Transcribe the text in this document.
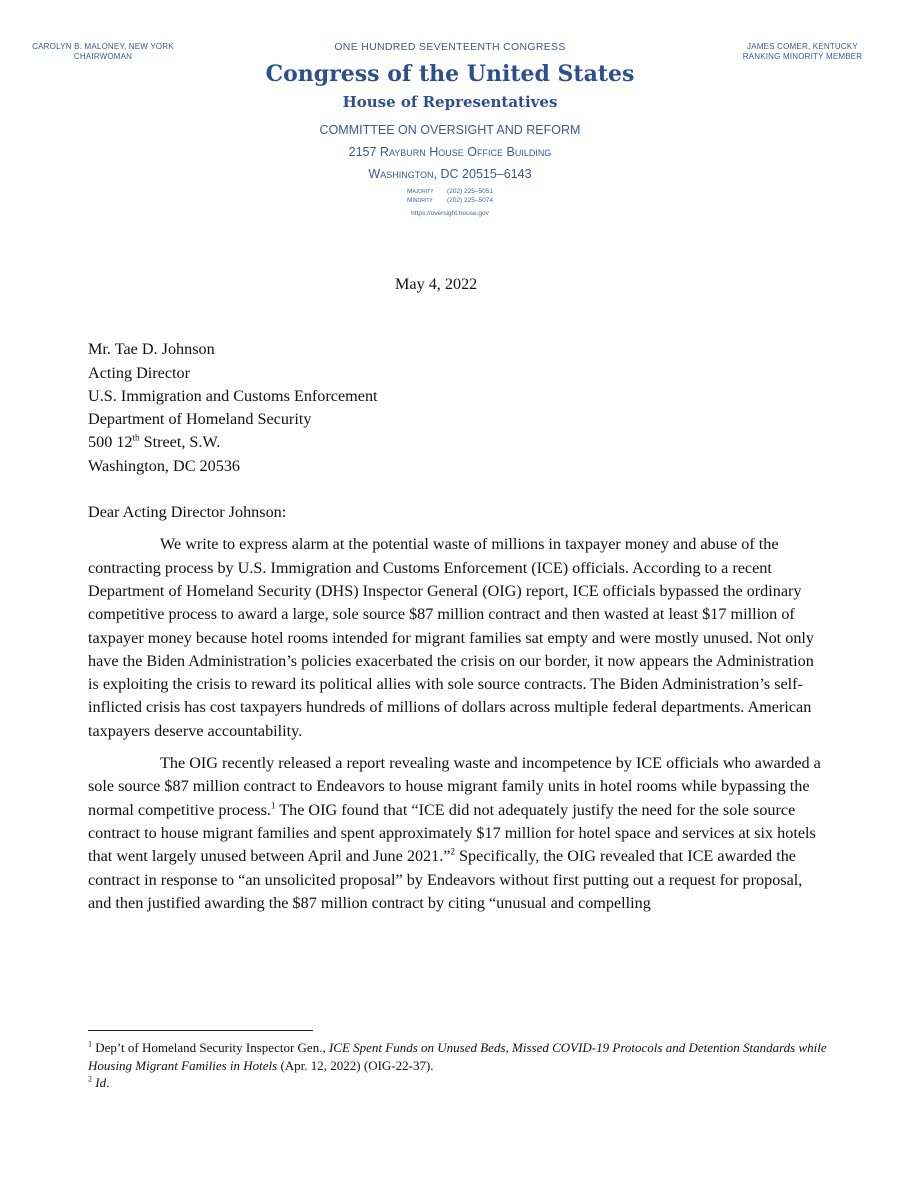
CAROLYN B. MALONEY, NEW YORK
CHAIRWOMAN
JAMES COMER, KENTUCKY
RANKING MINORITY MEMBER
ONE HUNDRED SEVENTEENTH CONGRESS
Congress of the United States
House of Representatives
COMMITTEE ON OVERSIGHT AND REFORM
2157 Rayburn House Office Building
Washington, DC 20515–6143
Majority (202) 225–5051
Minority (202) 225–5074
https://oversight.house.gov
May 4, 2022
Mr. Tae D. Johnson
Acting Director
U.S. Immigration and Customs Enforcement
Department of Homeland Security
500 12th Street, S.W.
Washington, DC 20536
Dear Acting Director Johnson:

We write to express alarm at the potential waste of millions in taxpayer money and abuse of the contracting process by U.S. Immigration and Customs Enforcement (ICE) officials. According to a recent Department of Homeland Security (DHS) Inspector General (OIG) report, ICE officials bypassed the ordinary competitive process to award a large, sole source $87 million contract and then wasted at least $17 million of taxpayer money because hotel rooms intended for migrant families sat empty and were mostly unused. Not only have the Biden Administration’s policies exacerbated the crisis on our border, it now appears the Administration is exploiting the crisis to reward its political allies with sole source contracts. The Biden Administration’s self-inflicted crisis has cost taxpayers hundreds of millions of dollars across multiple federal departments. American taxpayers deserve accountability.

The OIG recently released a report revealing waste and incompetence by ICE officials who awarded a sole source $87 million contract to Endeavors to house migrant family units in hotel rooms while bypassing the normal competitive process.$^1$ The OIG found that “ICE did not adequately justify the need for the sole source contract to house migrant families and spent approximately $17 million for hotel space and services at six hotels that went largely unused between April and June 2021.”$^2$ Specifically, the OIG revealed that ICE awarded the contract in response to “an unsolicited proposal” by Endeavors without first putting out a request for proposal, and then justified awarding the $87 million contract by citing “unusual and compelling

$^1$ Dep’t of Homeland Security Inspector Gen., ICE Spent Funds on Unused Beds, Missed COVID-19 Protocols and Detention Standards while Housing Migrant Families in Hotels (Apr. 12, 2022) (OIG-22-37).

$^2$ Id.
